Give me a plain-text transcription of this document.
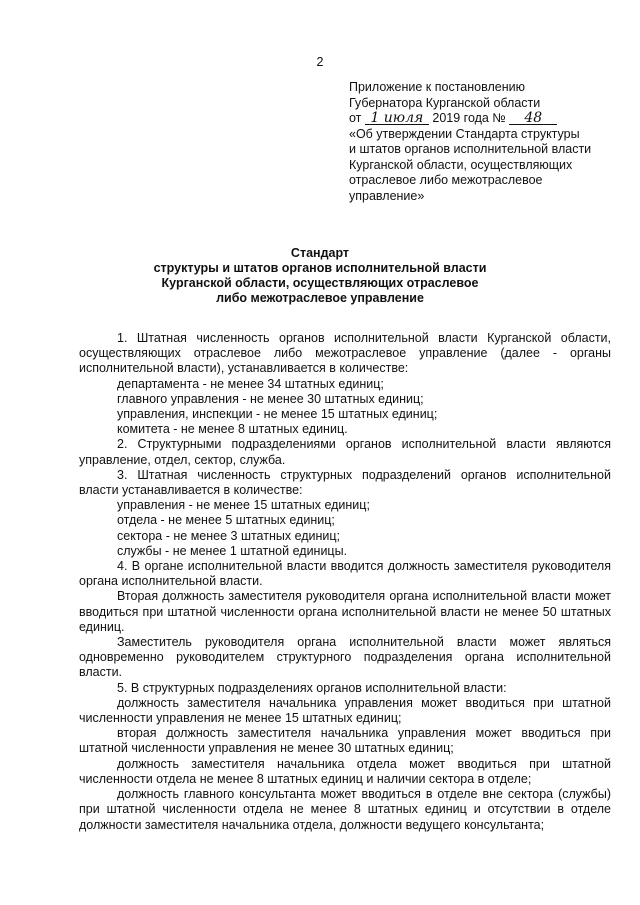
2
Приложение к постановлению
Губернатора Курганской области
от 1 июля 2019 года № 48
«Об утверждении Стандарта структуры
и штатов органов исполнительной власти
Курганской области, осуществляющих
отраслевое либо межотраслевое
управление»
Стандарт
структуры и штатов органов исполнительной власти
Курганской области, осуществляющих отраслевое
либо межотраслевое управление

1. Штатная численность органов исполнительной власти Курганской области, осуществляющих отраслевое либо межотраслевое управление (далее - органы исполнительной власти), устанавливается в количестве:

департамента - не менее 34 штатных единиц;
главного управления - не менее 30 штатных единиц;
управления, инспекции - не менее 15 штатных единиц;
комитета - не менее 8 штатных единиц.

2. Структурными подразделениями органов исполнительной власти являются управление, отдел, сектор, служба.

3. Штатная численность структурных подразделений органов исполнительной власти устанавливается в количестве:

управления - не менее 15 штатных единиц;
отдела - не менее 5 штатных единиц;
сектора - не менее 3 штатных единиц;
службы - не менее 1 штатной единицы.

4. В органе исполнительной власти вводится должность заместителя руководителя органа исполнительной власти.

Вторая должность заместителя руководителя органа исполнительной власти может вводиться при штатной численности органа исполнительной власти не менее 50 штатных единиц.

Заместитель руководителя органа исполнительной власти может являться одновременно руководителем структурного подразделения органа исполнительной власти.

5. В структурных подразделениях органов исполнительной власти:

должность заместителя начальника управления может вводиться при штатной численности управления не менее 15 штатных единиц;

вторая должность заместителя начальника управления может вводиться при штатной численности управления не менее 30 штатных единиц;

должность заместителя начальника отдела может вводиться при штатной численности отдела не менее 8 штатных единиц и наличии сектора в отделе;

должность главного консультанта может вводиться в отделе вне сектора (службы) при штатной численности отдела не менее 8 штатных единиц и отсутствии в отделе должности заместителя начальника отдела, должности ведущего консультанта;
